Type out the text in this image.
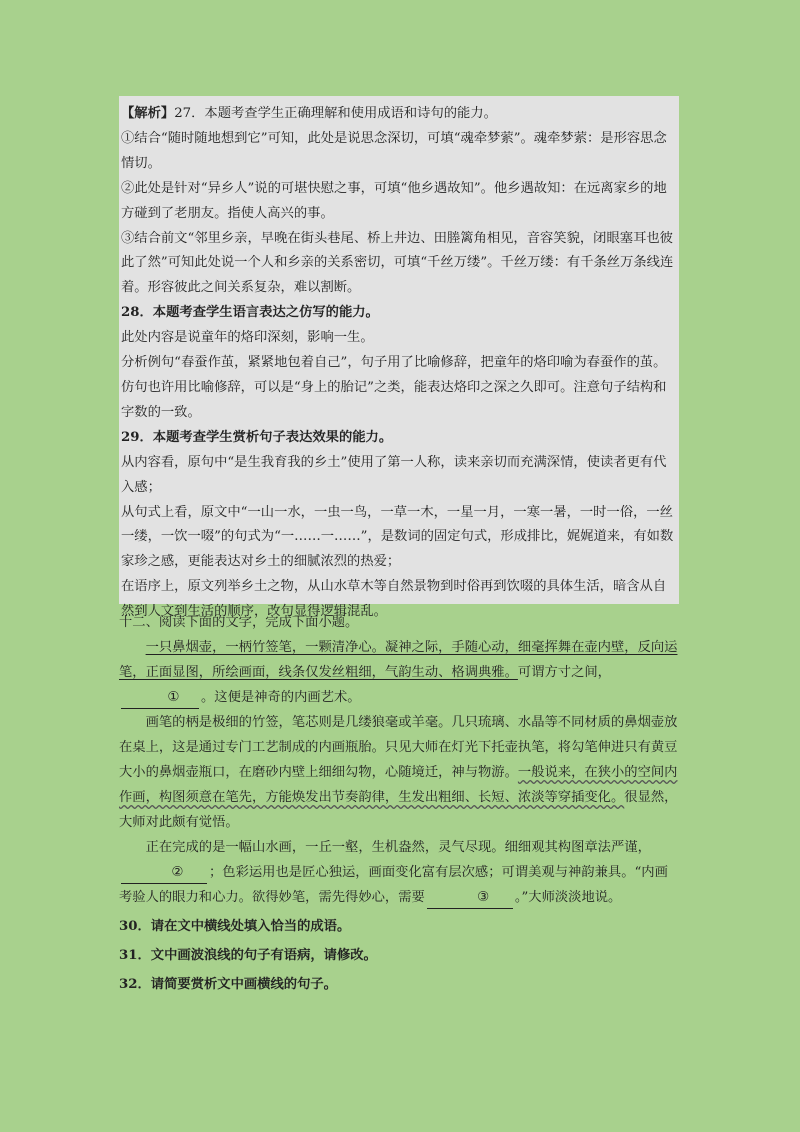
【解析】27．本题考查学生正确理解和使用成语和诗句的能力。

①结合“随时随地想到它”可知，此处是说思念深切，可填“魂牵梦萦”。魂牵梦萦：是形容思念情切。

②此处是针对“异乡人”说的可堪快慰之事，可填“他乡遇故知”。他乡遇故知：在远离家乡的地方碰到了老朋友。指使人高兴的事。

③结合前文“邻里乡亲，早晚在街头巷尾、桥上井边、田塍篱角相见，音容笑貌，闭眼塞耳也彼此了然”可知此处说一个人和乡亲的关系密切，可填“千丝万缕”。千丝万缕：有千条丝万条线连着。形容彼此之间关系复杂，难以割断。

28．本题考查学生语言表达之仿写的能力。

此处内容是说童年的烙印深刻，影响一生。

分析例句“春蚕作茧，紧紧地包着自己”，句子用了比喻修辞，把童年的烙印喻为春蚕作的茧。仿句也许用比喻修辞，可以是“身上的胎记”之类，能表达烙印之深之久即可。注意句子结构和字数的一致。

29．本题考查学生赏析句子表达效果的能力。

从内容看，原句中“是生我育我的乡土”使用了第一人称，读来亲切而充满深情，使读者更有代入感；

从句式上看，原文中“一山一水，一虫一鸟，一草一木，一星一月，一寒一暑，一时一俗，一丝一缕，一饮一啜”的句式为“一……一……”，是数词的固定句式，形成排比，娓娓道来，有如数家珍之感，更能表达对乡土的细腻浓烈的热爱；

在语序上，原文列举乡土之物，从山水草木等自然景物到时俗再到饮啜的具体生活，暗含从自然到人文到生活的顺序，改句显得逻辑混乱。

十二、阅读下面的文字，完成下面小题。

一只鼻烟壶，一柄竹签笔，一颗清净心。凝神之际，手随心动，细毫挥舞在壶内壁，反向运笔，正面显图，所绘画面，线条仅发丝粗细，气韵生动、格调典雅。可谓方寸之间，① 。这便是神奇的内画艺术。

画笔的柄是极细的竹签，笔芯则是几缕狼毫或羊毫。几只琉璃、水晶等不同材质的鼻烟壶放在桌上，这是通过专门工艺制成的内画瓶胎。只见大师在灯光下托壶执笔，将勾笔伸进只有黄豆大小的鼻烟壶瓶口，在磨砂内壁上细细勾物，心随境迁，神与物游。一般说来，在狭小的空间内作画，构图须意在笔先，方能焕发出节奏韵律，生发出粗细、长短、浓淡等穿插变化。很显然，大师对此颇有觉悟。

正在完成的是一幅山水画，一丘一壑，生机盎然，灵气尽现。细细观其构图章法严谨，② ；色彩运用也是匠心独运，画面变化富有层次感；可谓美观与神韵兼具。“内画考验人的眼力和心力。欲得妙笔，需先得妙心，需要	③ 。”大师淡淡地说。

30．请在文中横线处填入恰当的成语。

31．文中画波浪线的句子有语病，请修改。

32．请简要赏析文中画横线的句子。
